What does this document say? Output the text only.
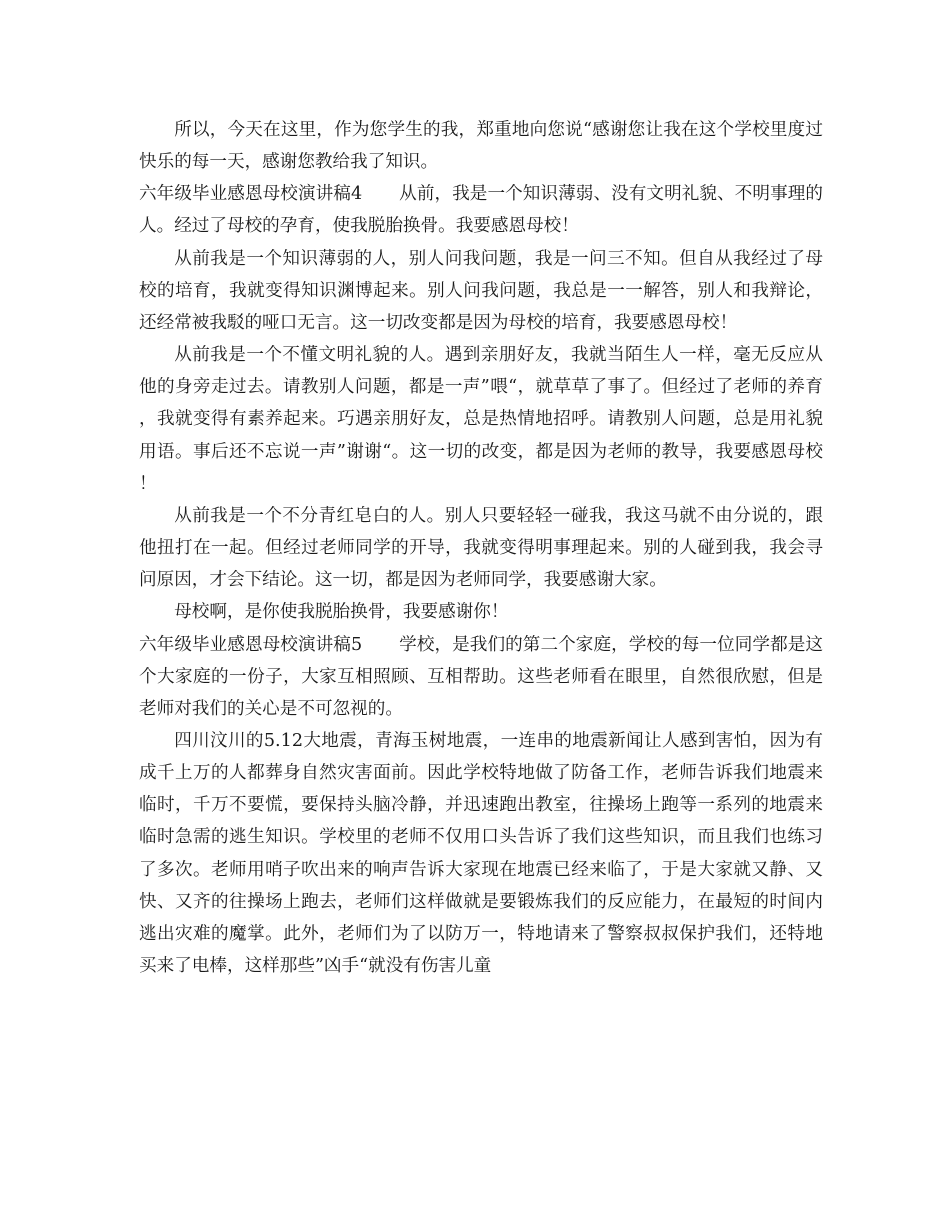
所以，今天在这里，作为您学生的我，郑重地向您说“感谢您让我在这个学校里度过快乐的每一天，感谢您教给我了知识。

六年级毕业感恩母校演讲稿4 从前，我是一个知识薄弱、没有文明礼貌、不明事理的人。经过了母校的孕育，使我脱胎换骨。我要感恩母校！

从前我是一个知识薄弱的人，别人问我问题，我是一问三不知。但自从我经过了母校的培育，我就变得知识渊博起来。别人问我问题，我总是一一解答，别人和我辩论，还经常被我駁的哑口无言。这一切改变都是因为母校的培育，我要感恩母校！

从前我是一个不懂文明礼貌的人。遇到亲朋好友，我就当陌生人一样，毫无反应从他的身旁走过去。请教别人问题，都是一声”喂“，就草草了事了。但经过了老师的养育，我就变得有素养起来。巧遇亲朋好友，总是热情地招呼。请教别人问题，总是用礼貌用语。事后还不忘说一声”谢谢“。这一切的改变，都是因为老师的教导，我要感恩母校！

从前我是一个不分青红皂白的人。别人只要轻轻一碰我，我这马就不由分说的，跟他扭打在一起。但经过老师同学的开导，我就变得明事理起来。别的人碰到我，我会寻问原因，才会下结论。这一切，都是因为老师同学，我要感谢大家。

母校啊，是你使我脱胎换骨，我要感谢你！

六年级毕业感恩母校演讲稿5 学校，是我们的第二个家庭，学校的每一位同学都是这个大家庭的一份子，大家互相照顾、互相帮助。这些老师看在眼里，自然很欣慰，但是老师对我们的关心是不可忽视的。

四川汶川的5.12大地震，青海玉树地震，一连串的地震新闻让人感到害怕，因为有成千上万的人都葬身自然灾害面前。因此学校特地做了防备工作，老师告诉我们地震来临时，千万不要慌，要保持头脑冷静，并迅速跑出教室，往操场上跑等一系列的地震来临时急需的逃生知识。学校里的老师不仅用口头告诉了我们这些知识，而且我们也练习了多次。老师用哨子吹出来的响声告诉大家现在地震已经来临了，于是大家就又静、又快、又齐的往操场上跑去，老师们这样做就是要锻炼我们的反应能力，在最短的时间内逃出灾难的魔掌。此外，老师们为了以防万一，特地请来了警察叔叔保护我们，还特地买来了电棒，这样那些”凶手“就没有伤害儿童
